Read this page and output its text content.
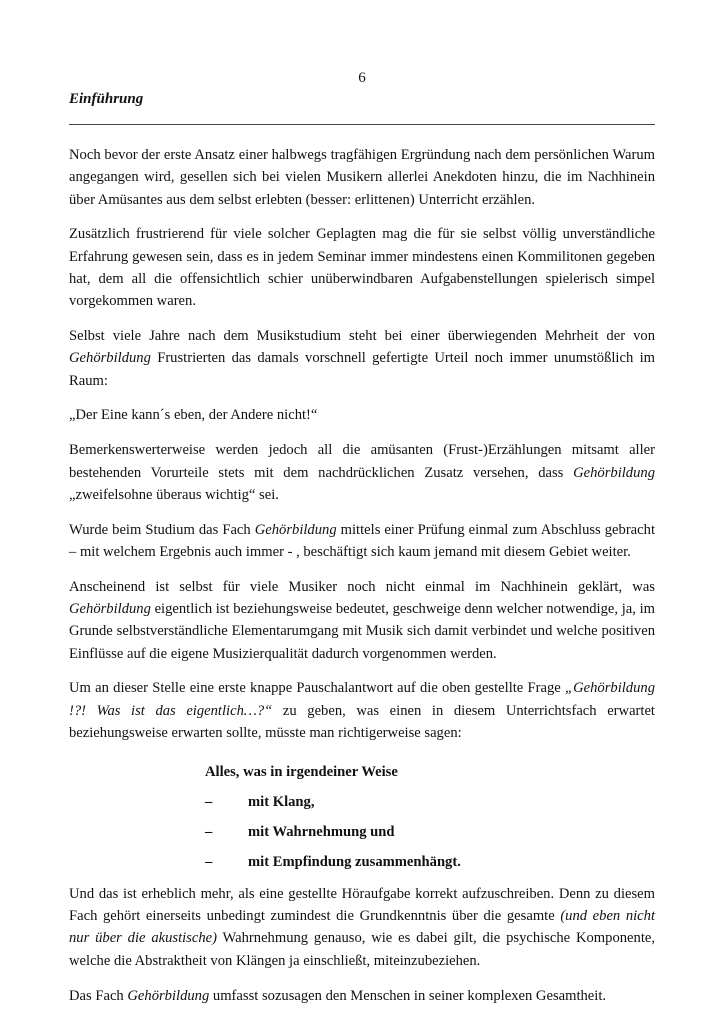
6
Einführung

Noch bevor der erste Ansatz einer halbwegs tragfähigen Ergründung nach dem persönlichen Warum angegangen wird, gesellen sich bei vielen Musikern allerlei Anekdoten hinzu, die im Nachhinein über Amüsantes aus dem selbst erlebten (besser: erlittenen) Unterricht erzählen.

Zusätzlich frustrierend für viele solcher Geplagten mag die für sie selbst völlig unverständliche Erfahrung gewesen sein, dass es in jedem Seminar immer mindestens einen Kommilitonen gegeben hat, dem all die offensichtlich schier unüberwindbaren Aufgabenstellungen spielerisch simpel vorgekommen waren.

Selbst viele Jahre nach dem Musikstudium steht bei einer überwiegenden Mehrheit der von Gehörbildung Frustrierten das damals vorschnell gefertigte Urteil noch immer unumstößlich im Raum:

„Der Eine kann´s eben, der Andere nicht!“

Bemerkenswerterweise werden jedoch all die amüsanten (Frust-)Erzählungen mitsamt aller bestehenden Vorurteile stets mit dem nachdrücklichen Zusatz versehen, dass Gehörbildung „zweifelsohne überaus wichtig“ sei.

Wurde beim Studium das Fach Gehörbildung mittels einer Prüfung einmal zum Abschluss gebracht – mit welchem Ergebnis auch immer - , beschäftigt sich kaum jemand mit diesem Gebiet weiter.

Anscheinend ist selbst für viele Musiker noch nicht einmal im Nachhinein geklärt, was Gehörbildung eigentlich ist beziehungsweise bedeutet, geschweige denn welcher notwendige, ja, im Grunde selbstverständliche Elementarumgang mit Musik sich damit verbindet und welche positiven Einflüsse auf die eigene Musizierqualität dadurch vorgenommen werden.

Um an dieser Stelle eine erste knappe Pauschalantwort auf die oben gestellte Frage „Gehörbildung !?! Was ist das eigentlich…?“ zu geben, was einen in diesem Unterrichtsfach erwartet beziehungsweise erwarten sollte, müsste man richtigerweise sagen:

Alles, was in irgendeiner Weise
–	mit Klang,
–	mit Wahrnehmung und
–	mit Empfindung zusammenhängt.

Und das ist erheblich mehr, als eine gestellte Höraufgabe korrekt aufzuschreiben. Denn zu diesem Fach gehört einerseits unbedingt zumindest die Grundkenntnis über die gesamte (und eben nicht nur über die akustische) Wahrnehmung genauso, wie es dabei gilt, die psychische Komponente, welche die Abstraktheit von Klängen ja einschließt, miteinzubeziehen.

Das Fach Gehörbildung umfasst sozusagen den Menschen in seiner komplexen Gesamtheit.
